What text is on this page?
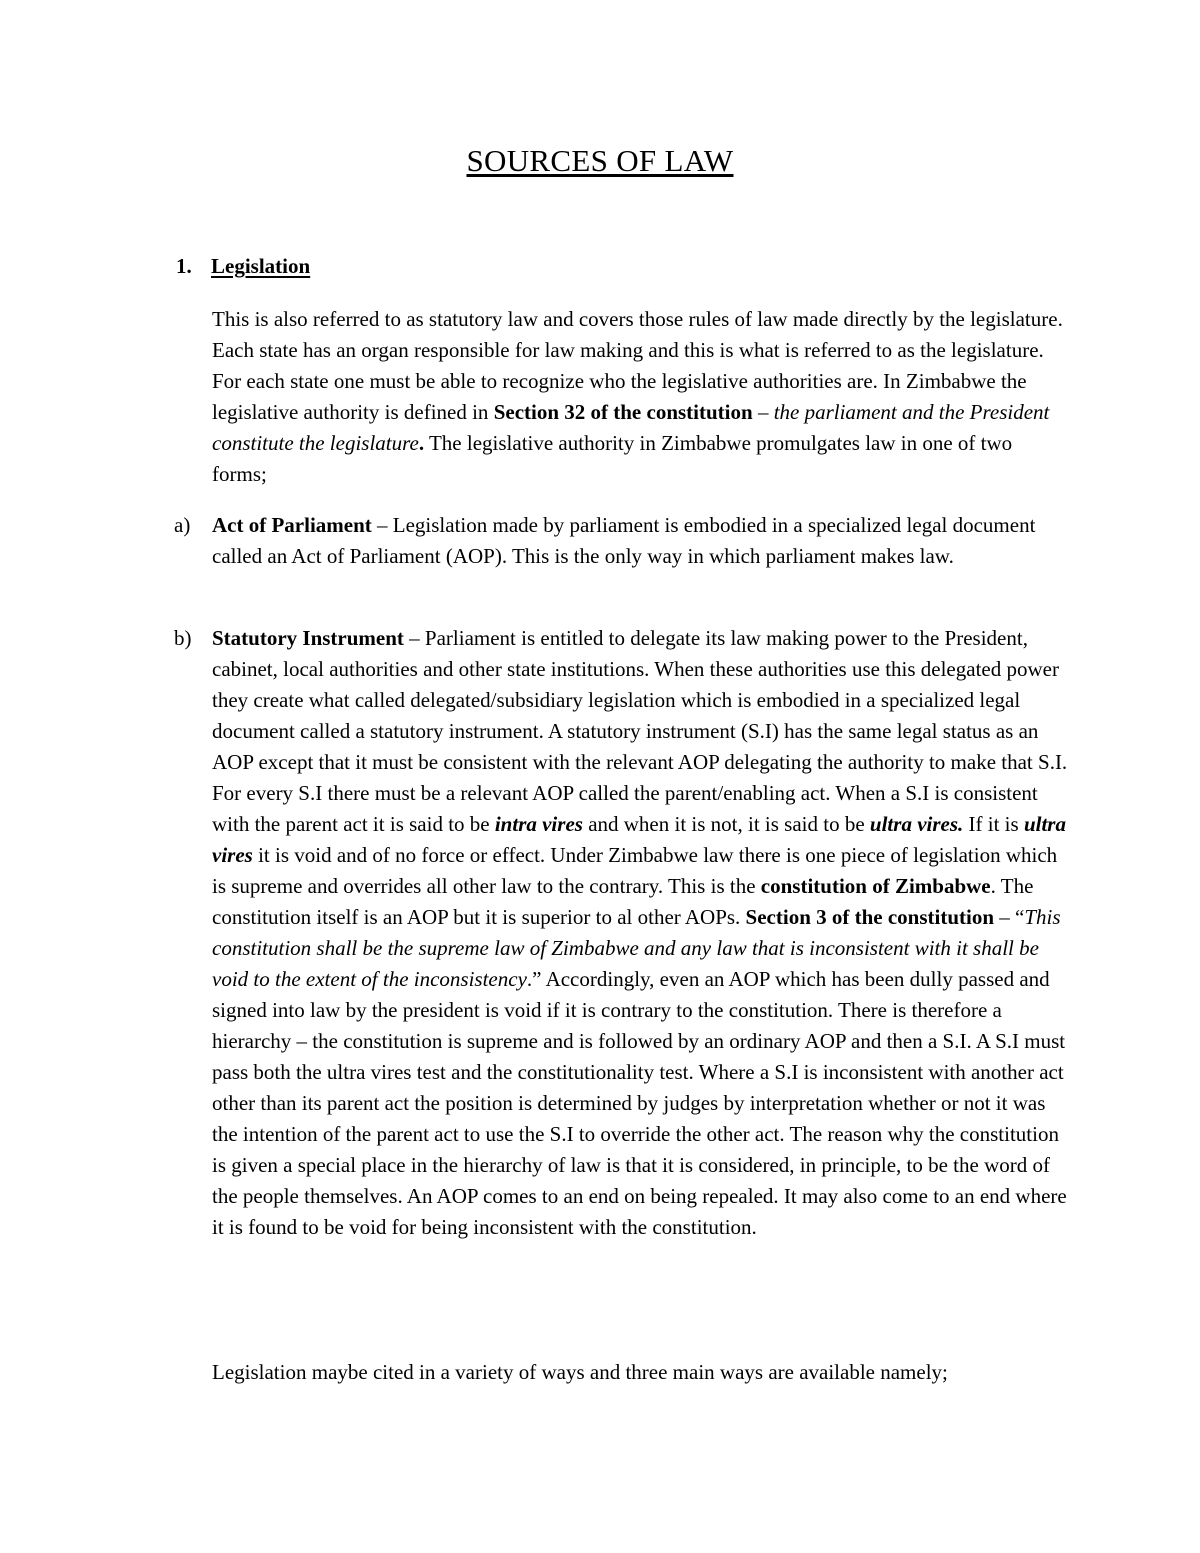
SOURCES OF LAW
1. Legislation
This is also referred to as statutory law and covers those rules of law made directly by the legislature. Each state has an organ responsible for law making and this is what is referred to as the legislature. For each state one must be able to recognize who the legislative authorities are. In Zimbabwe the legislative authority is defined in Section 32 of the constitution – the parliament and the President constitute the legislature. The legislative authority in Zimbabwe promulgates law in one of two forms;
a) Act of Parliament – Legislation made by parliament is embodied in a specialized legal document called an Act of Parliament (AOP). This is the only way in which parliament makes law.
b) Statutory Instrument – Parliament is entitled to delegate its law making power to the President, cabinet, local authorities and other state institutions. When these authorities use this delegated power they create what called delegated/subsidiary legislation which is embodied in a specialized legal document called a statutory instrument. A statutory instrument (S.I) has the same legal status as an AOP except that it must be consistent with the relevant AOP delegating the authority to make that S.I. For every S.I there must be a relevant AOP called the parent/enabling act. When a S.I is consistent with the parent act it is said to be intra vires and when it is not, it is said to be ultra vires. If it is ultra vires it is void and of no force or effect. Under Zimbabwe law there is one piece of legislation which is supreme and overrides all other law to the contrary. This is the constitution of Zimbabwe. The constitution itself is an AOP but it is superior to al other AOPs. Section 3 of the constitution – “This constitution shall be the supreme law of Zimbabwe and any law that is inconsistent with it shall be void to the extent of the inconsistency.” Accordingly, even an AOP which has been dully passed and signed into law by the president is void if it is contrary to the constitution. There is therefore a hierarchy – the constitution is supreme and is followed by an ordinary AOP and then a S.I. A S.I must pass both the ultra vires test and the constitutionality test. Where a S.I is inconsistent with another act other than its parent act the position is determined by judges by interpretation whether or not it was the intention of the parent act to use the S.I to override the other act. The reason why the constitution is given a special place in the hierarchy of law is that it is considered, in principle, to be the word of the people themselves. An AOP comes to an end on being repealed. It may also come to an end where it is found to be void for being inconsistent with the constitution.
Legislation maybe cited in a variety of ways and three main ways are available namely;
